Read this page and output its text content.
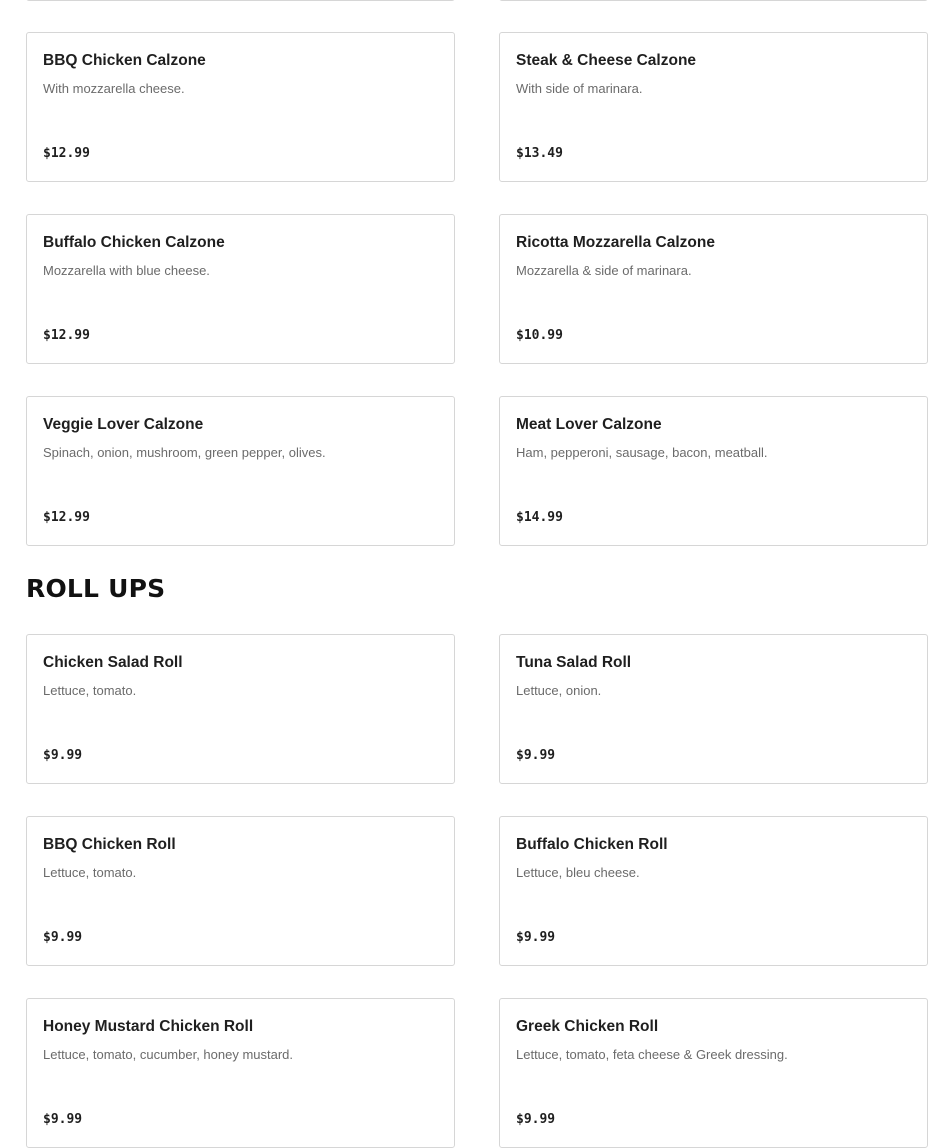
BBQ Chicken Calzone
With mozzarella cheese.
$12.99
Steak & Cheese Calzone
With side of marinara.
$13.49
Buffalo Chicken Calzone
Mozzarella with blue cheese.
$12.99
Ricotta Mozzarella Calzone
Mozzarella & side of marinara.
$10.99
Veggie Lover Calzone
Spinach, onion, mushroom, green pepper, olives.
$12.99
Meat Lover Calzone
Ham, pepperoni, sausage, bacon, meatball.
$14.99
ROLL UPS
Chicken Salad Roll
Lettuce, tomato.
$9.99
Tuna Salad Roll
Lettuce, onion.
$9.99
BBQ Chicken Roll
Lettuce, tomato.
$9.99
Buffalo Chicken Roll
Lettuce, bleu cheese.
$9.99
Honey Mustard Chicken Roll
Lettuce, tomato, cucumber, honey mustard.
$9.99
Greek Chicken Roll
Lettuce, tomato, feta cheese & Greek dressing.
$9.99
